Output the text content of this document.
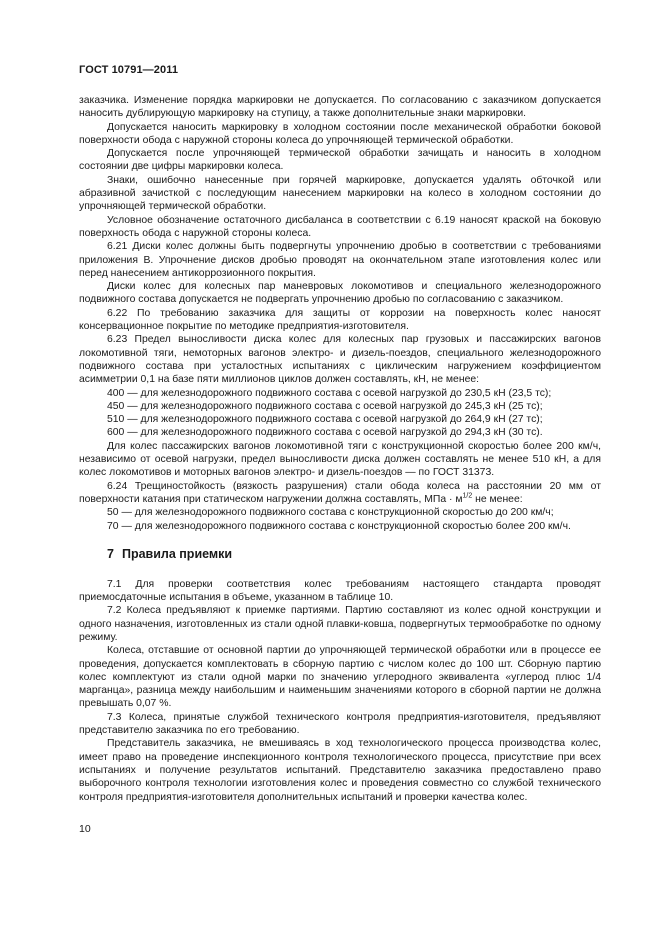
ГОСТ 10791—2011

заказчика. Изменение порядка маркировки не допускается. По согласованию с заказчиком допускается наносить дублирующую маркировку на ступицу, а также дополнительные знаки маркировки.

Допускается наносить маркировку в холодном состоянии после механической обработки боковой поверхности обода с наружной стороны колеса до упрочняющей термической обработки.

Допускается после упрочняющей термической обработки зачищать и наносить в холодном состоянии две цифры маркировки колеса.

Знаки, ошибочно нанесенные при горячей маркировке, допускается удалять обточкой или абразивной зачисткой с последующим нанесением маркировки на колесо в холодном состоянии до упрочняющей термической обработки.

Условное обозначение остаточного дисбаланса в соответствии с 6.19 наносят краской на боковую поверхность обода с наружной стороны колеса.

6.21 Диски колес должны быть подвергнуты упрочнению дробью в соответствии с требованиями приложения В. Упрочнение дисков дробью проводят на окончательном этапе изготовления колес или перед нанесением антикоррозионного покрытия.

Диски колес для колесных пар маневровых локомотивов и специального железнодорожного подвижного состава допускается не подвергать упрочнению дробью по согласованию с заказчиком.

6.22 По требованию заказчика для защиты от коррозии на поверхность колес наносят консервационное покрытие по методике предприятия-изготовителя.

6.23 Предел выносливости диска колес для колесных пар грузовых и пассажирских вагонов локомотивной тяги, немоторных вагонов электро- и дизель-поездов, специального железнодорожного подвижного состава при усталостных испытаниях с циклическим нагружением коэффициентом асимметрии 0,1 на базе пяти миллионов циклов должен составлять, кН, не менее:

400 — для железнодорожного подвижного состава с осевой нагрузкой до 230,5 кН (23,5 тс);

450 — для железнодорожного подвижного состава с осевой нагрузкой до 245,3 кН (25 тс);

510 — для железнодорожного подвижного состава с осевой нагрузкой до 264,9 кН (27 тс);

600 — для железнодорожного подвижного состава с осевой нагрузкой до 294,3 кН (30 тс).

Для колес пассажирских вагонов локомотивной тяги с конструкционной скоростью более 200 км/ч, независимо от осевой нагрузки, предел выносливости диска должен составлять не менее 510 кН, а для колес локомотивов и моторных вагонов электро- и дизель-поездов — по ГОСТ 31373.

6.24 Трещиностойкость (вязкость разрушения) стали обода колеса на расстоянии 20 мм от поверхности катания при статическом нагружении должна составлять, МПа · $м^{1/2}$ не менее:

50 — для железнодорожного подвижного состава с конструкционной скоростью до 200 км/ч;

70 — для железнодорожного подвижного состава с конструкционной скоростью более 200 км/ч.

7 Правила приемки

7.1 Для проверки соответствия колес требованиям настоящего стандарта проводят приемосдаточные испытания в объеме, указанном в таблице 10.

7.2 Колеса предъявляют к приемке партиями. Партию составляют из колес одной конструкции и одного назначения, изготовленных из стали одной плавки-ковша, подвергнутых термообработке по одному режиму.

Колеса, отставшие от основной партии до упрочняющей термической обработки или в процессе ее проведения, допускается комплектовать в сборную партию с числом колес до 100 шт. Сборную партию колес комплектуют из стали одной марки по значению углеродного эквивалента «углерод плюс 1/4 марганца», разница между наибольшим и наименьшим значениями которого в сборной партии не должна превышать 0,07 %.

7.3 Колеса, принятые службой технического контроля предприятия-изготовителя, предъявляют представителю заказчика по его требованию.

Представитель заказчика, не вмешиваясь в ход технологического процесса производства колес, имеет право на проведение инспекционного контроля технологического процесса, присутствие при всех испытаниях и получение результатов испытаний. Представителю заказчика предоставлено право выборочного контроля технологии изготовления колес и проведения совместно со службой технического контроля предприятия-изготовителя дополнительных испытаний и проверки качества колес.

10
